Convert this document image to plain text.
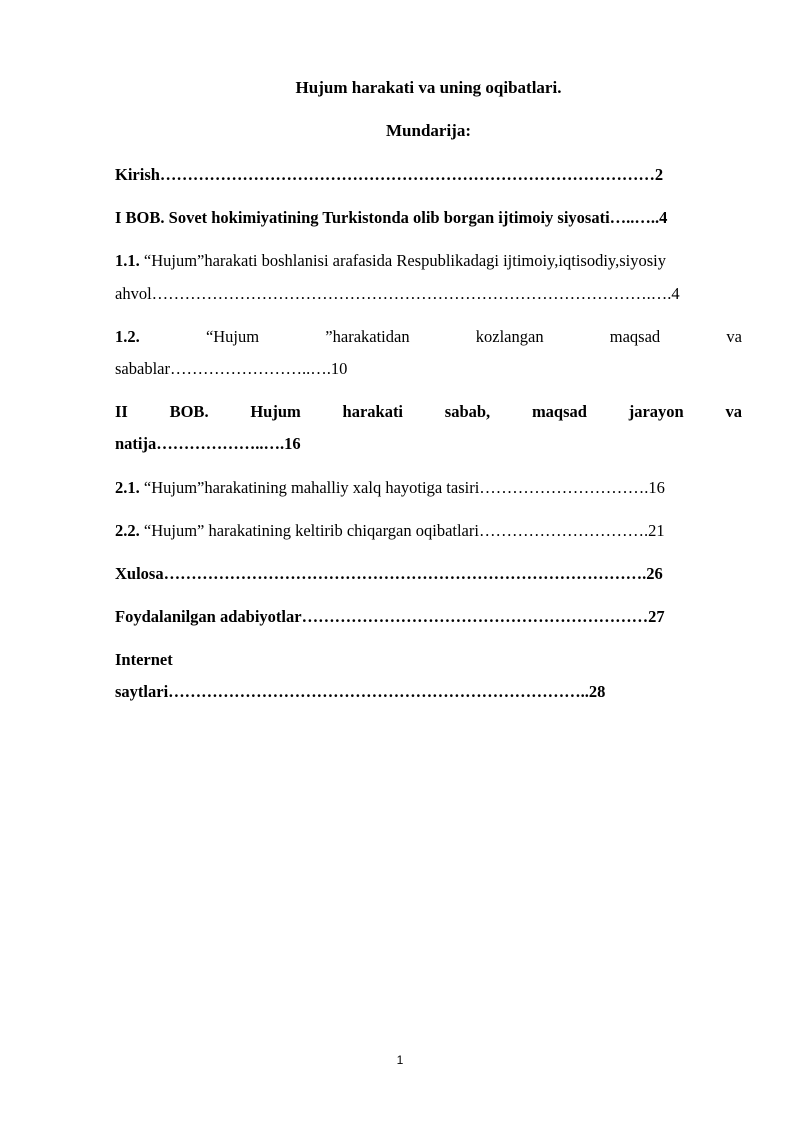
Hujum harakati va uning oqibatlari.
Mundarija:
Kirish………………………………………………………………………………2
I BOB. Sovet hokimiyatining Turkistonda olib borgan ijtimoiy siyosati…..…..4
1.1. “Hujum”harakati boshlanisi arafasida Respublikadagi ijtimoiy,iqtisodiy,siyosiy
ahvol……………………………………………………………………………….….4
1.2.	“Hujum	”harakatidan	kozlangan	maqsad	va
sabablar……………………..….10
II	BOB.	Hujum	harakati	sabab,	maqsad	jarayon	va
natija………………..….16
2.1. “Hujum”harakatining mahalliy xalq hayotiga tasiri………………………….16
2.2. “Hujum” harakatining keltirib chiqargan oqibatlari………………………….21
Xulosa…………………………………………………………………………….26
Foydalanilgan adabiyotlar………………………………………………………27
Internet
saytlari…………………………………………………………………..28
1
